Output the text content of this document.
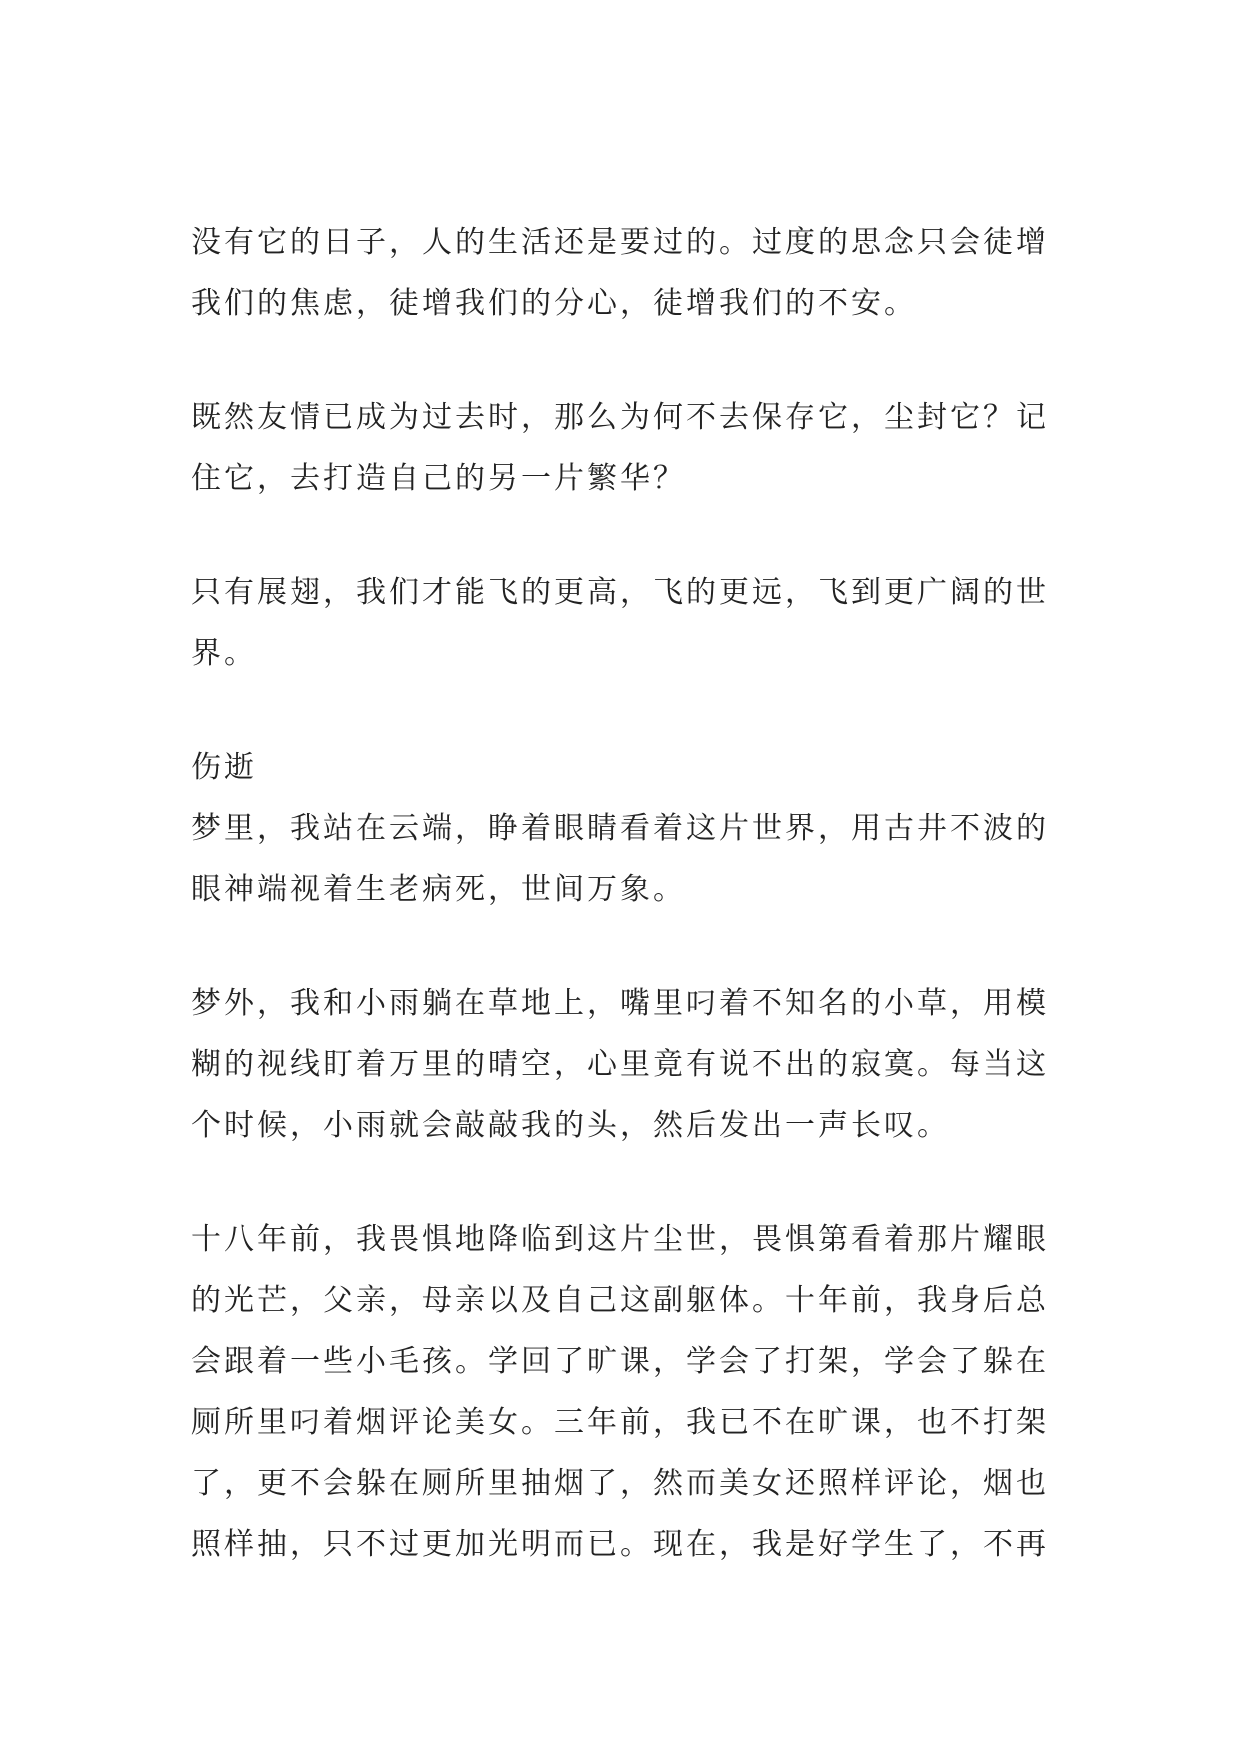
没有它的日子，人的生活还是要过的。过度的思念只会徒增
我们的焦虑，徒增我们的分心，徒增我们的不安。
既然友情已成为过去时，那么为何不去保存它，尘封它？记
住它，去打造自己的另一片繁华？
只有展翅，我们才能飞的更高，飞的更远，飞到更广阔的世
界。
伤逝
梦里，我站在云端，睁着眼睛看着这片世界，用古井不波的
眼神端视着生老病死，世间万象。
梦外，我和小雨躺在草地上，嘴里叼着不知名的小草，用模
糊的视线盯着万里的晴空，心里竟有说不出的寂寞。每当这
个时候，小雨就会敲敲我的头，然后发出一声长叹。
十八年前，我畏惧地降临到这片尘世，畏惧第看着那片耀眼
的光芒，父亲，母亲以及自己这副躯体。十年前，我身后总
会跟着一些小毛孩。学回了旷课，学会了打架，学会了躲在
厕所里叼着烟评论美女。三年前，我已不在旷课，也不打架
了，更不会躲在厕所里抽烟了，然而美女还照样评论，烟也
照样抽，只不过更加光明而已。现在，我是好学生了，不再
